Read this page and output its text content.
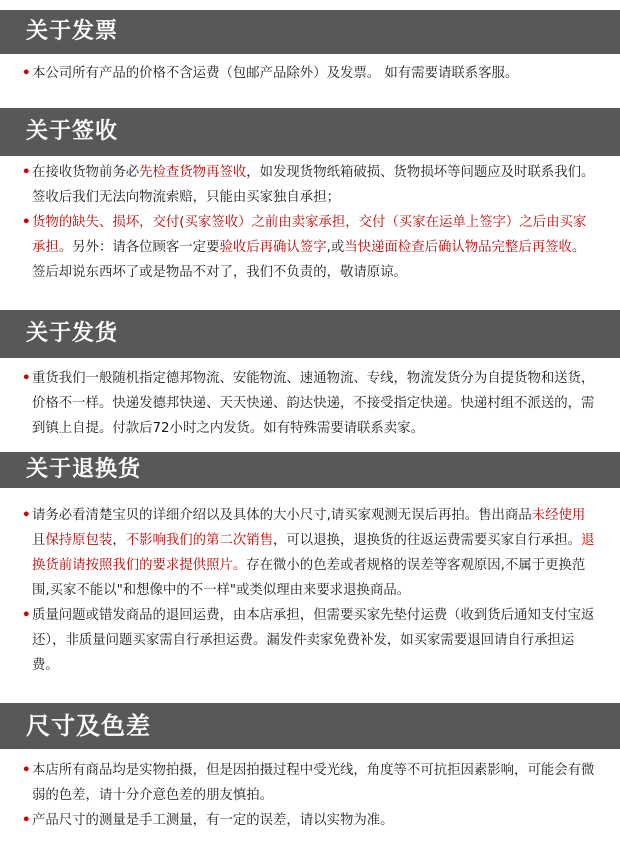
关于发票

• 本公司所有产品的价格不含运费（包邮产品除外）及发票。 如有需要请联系客服。

关于签收

• 在接收货物前务必先检查货物再签收，如发现货物纸箱破损、货物损坏等问题应及时联系我们。签收后我们无法向物流索赔，只能由买家独自承担；

• 货物的缺失、损坏，交付(买家签收）之前由卖家承担，交付（买家在运单上签字）之后由买家承担。另外：请各位顾客一定要验收后再确认签字,或当快递面检查后确认物品完整后再签收。签后却说东西坏了或是物品不对了，我们不负责的，敬请原谅。

关于发货

• 重货我们一般随机指定德邦物流、安能物流、速通物流、专线，物流发货分为自提货物和送货，价格不一样。快递发德邦快递、天天快递、韵达快递，不接受指定快递。快递村组不派送的，需到镇上自提。付款后72小时之内发货。如有特殊需要请联系卖家。

关于退换货

• 请务必看清楚宝贝的详细介绍以及具体的大小尺寸,请买家观测无误后再拍。售出商品未经使用且保持原包装，不影响我们的第二次销售，可以退换，退换货的往返运费需要买家自行承担。退换货前请按照我们的要求提供照片。存在微小的色差或者规格的误差等客观原因,不属于更换范围,买家不能以"和想像中的不一样"或类似理由来要求退换商品。

• 质量问题或错发商品的退回运费，由本店承担，但需要买家先垫付运费（收到货后通知支付宝返还），非质量问题买家需自行承担运费。漏发件卖家免费补发，如买家需要退回请自行承担运费。

尺寸及色差

• 本店所有商品均是实物拍摄，但是因拍摄过程中受光线，角度等不可抗拒因素影响，可能会有微弱的色差，请十分介意色差的朋友慎拍。

• 产品尺寸的测量是手工测量，有一定的误差，请以实物为准。
